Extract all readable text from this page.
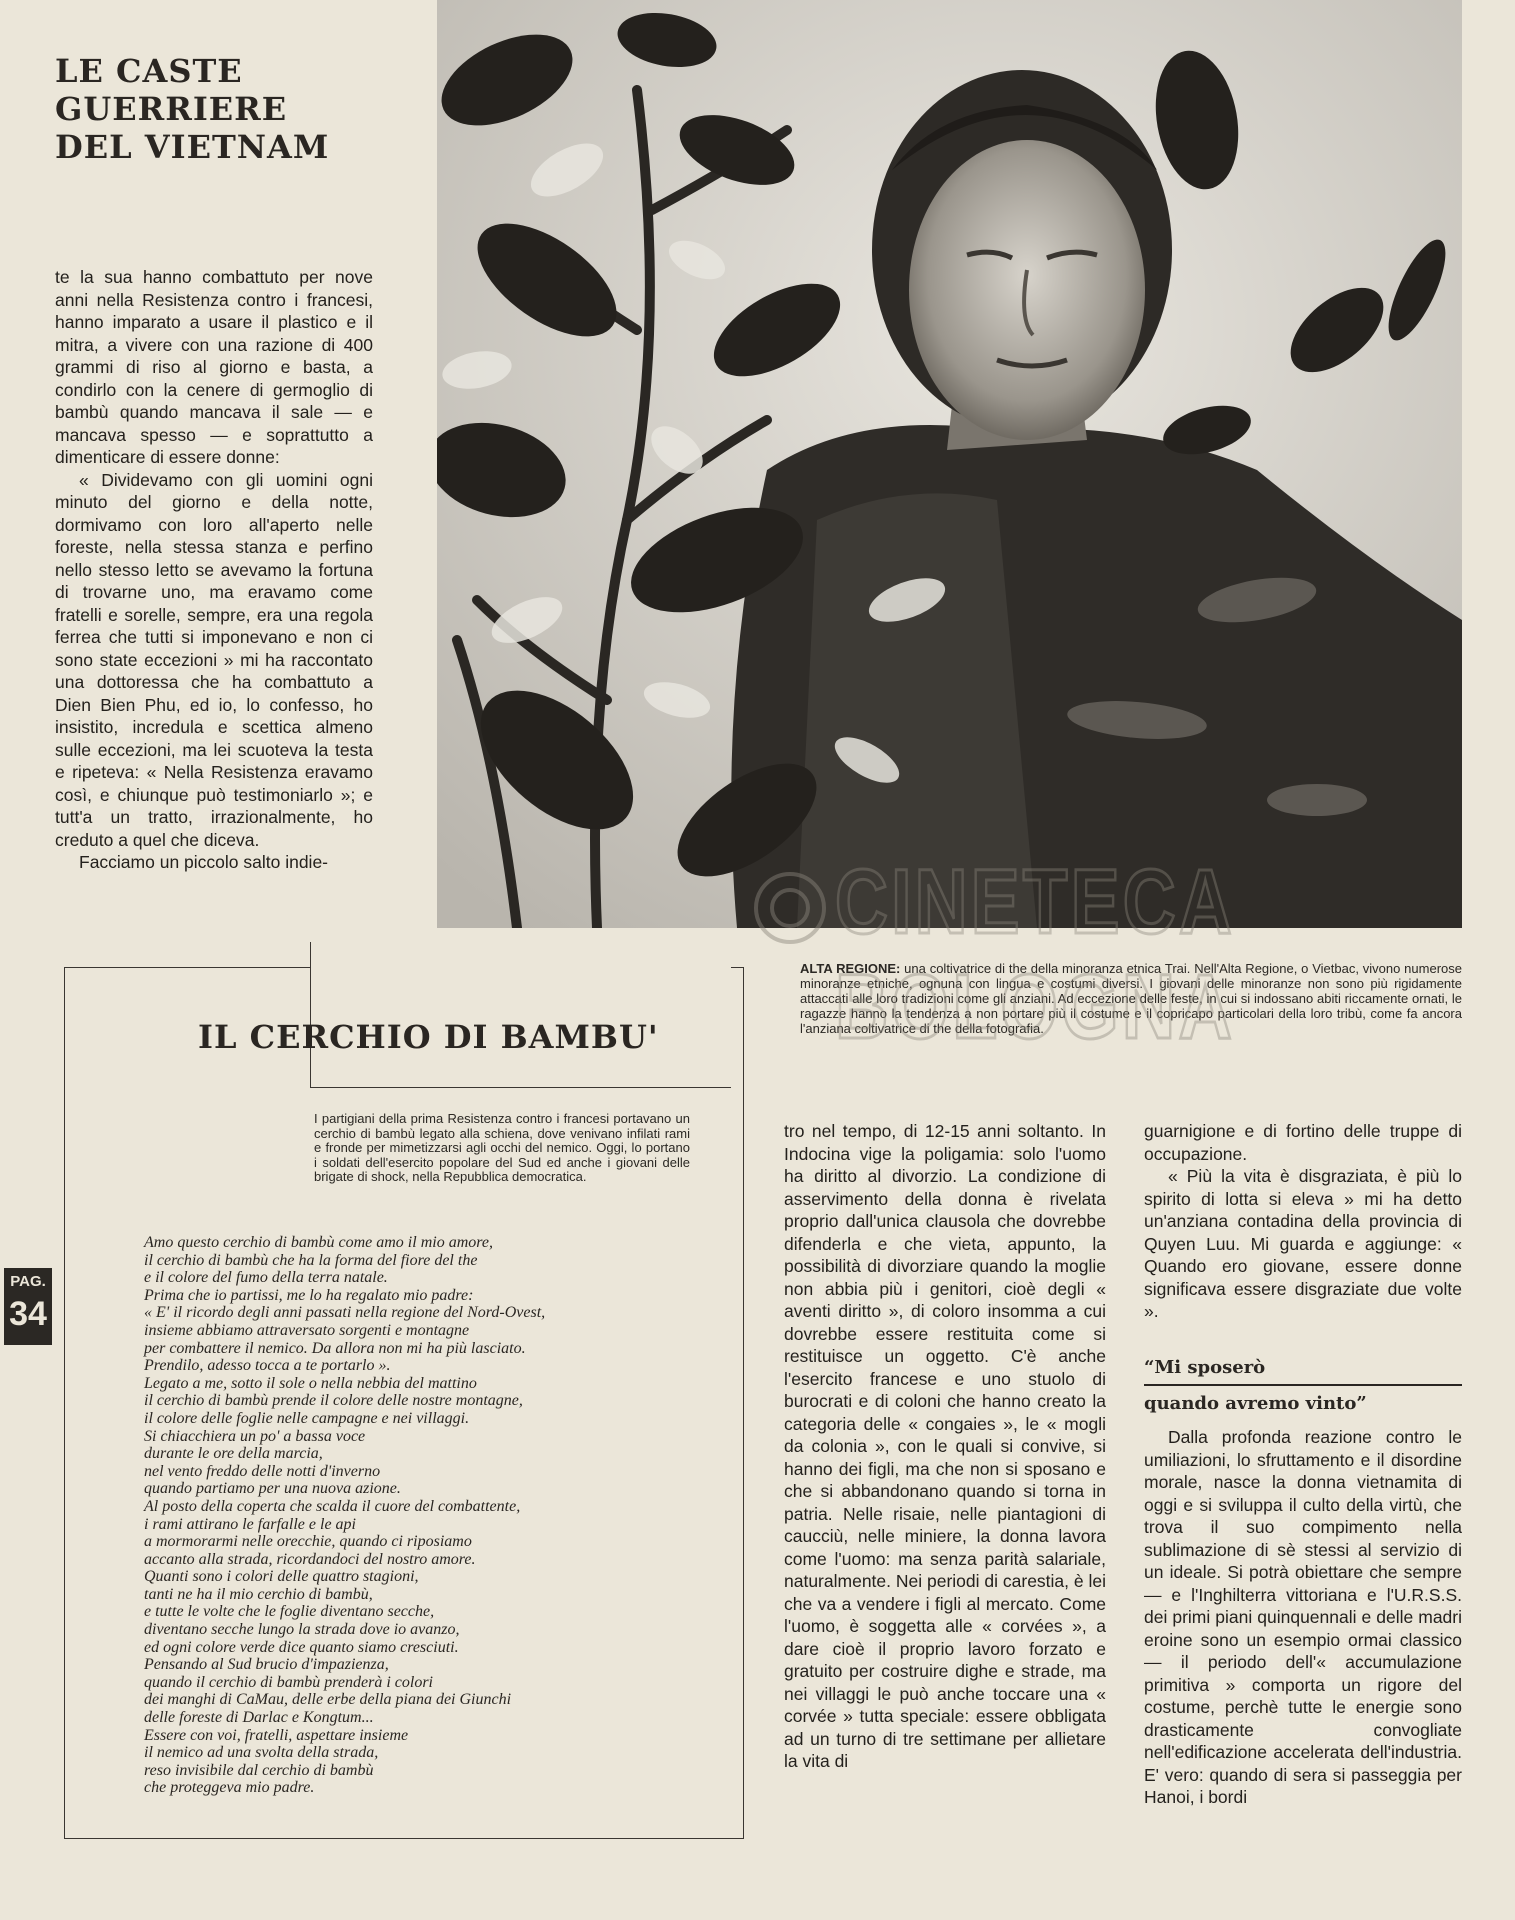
LE CASTE
GUERRIERE
DEL VIETNAM

te la sua hanno combattuto per nove anni nella Resistenza contro i francesi, hanno imparato a usare il plastico e il mitra, a vivere con una razione di 400 grammi di riso al giorno e basta, a condirlo con la cenere di germoglio di bambù quando mancava il sale — e mancava spesso — e soprattutto a dimenticare di essere donne:

« Dividevamo con gli uomini ogni minuto del giorno e della notte, dormivamo con loro all'aperto nelle foreste, nella stessa stanza e perfino nello stesso letto se avevamo la fortuna di trovarne uno, ma eravamo come fratelli e sorelle, sempre, era una regola ferrea che tutti si imponevano e non ci sono state eccezioni » mi ha raccontato una dottoressa che ha combattuto a Dien Bien Phu, ed io, lo confesso, ho insistito, incredula e scettica almeno sulle eccezioni, ma lei scuoteva la testa e ripeteva: « Nella Resistenza eravamo così, e chiunque può testimoniarlo »; e tutt'a un tratto, irrazionalmente, ho creduto a quel che diceva.

Facciamo un piccolo salto indie-

ALTA REGIONE: una coltivatrice di the della minoranza etnica Trai. Nell'Alta Regione, o Vietbac, vivono numerose minoranze etniche, ognuna con lingua e costumi diversi. I giovani delle minoranze non sono più rigidamente attaccati alle loro tradizioni come gli anziani. Ad eccezione delle feste, in cui si indossano abiti riccamente ornati, le ragazze hanno la tendenza a non portare più il costume e il copricapo particolari della loro tribù, come fa ancora l'anziana coltivatrice di the della fotografia.
IL CERCHIO DI BAMBU'
I partigiani della prima Resistenza contro i francesi portavano un cerchio di bambù legato alla schiena, dove venivano infilati rami e fronde per mimetizzarsi agli occhi del nemico. Oggi, lo portano i soldati dell'esercito popolare del Sud ed anche i giovani delle brigate di shock, nella Repubblica democratica.
Amo questo cerchio di bambù come amo il mio amore,
il cerchio di bambù che ha la forma del fiore del the
e il colore del fumo della terra natale.
Prima che io partissi, me lo ha regalato mio padre:
« E' il ricordo degli anni passati nella regione del Nord-Ovest,
insieme abbiamo attraversato sorgenti e montagne
per combattere il nemico. Da allora non mi ha più lasciato.
Prendilo, adesso tocca a te portarlo ».
Legato a me, sotto il sole o nella nebbia del mattino
il cerchio di bambù prende il colore delle nostre montagne,
il colore delle foglie nelle campagne e nei villaggi.
Si chiacchiera un po' a bassa voce
durante le ore della marcia,
nel vento freddo delle notti d'inverno
quando partiamo per una nuova azione.
Al posto della coperta che scalda il cuore del combattente,
i rami attirano le farfalle e le api
a mormorarmi nelle orecchie, quando ci riposiamo
accanto alla strada, ricordandoci del nostro amore.
Quanti sono i colori delle quattro stagioni,
tanti ne ha il mio cerchio di bambù,
e tutte le volte che le foglie diventano secche,
diventano secche lungo la strada dove io avanzo,
ed ogni colore verde dice quanto siamo cresciuti.
Pensando al Sud brucio d'impazienza,
quando il cerchio di bambù prenderà i colori
dei manghi di CaMau, delle erbe della piana dei Giunchi
delle foreste di Darlac e Kongtum...
Essere con voi, fratelli, aspettare insieme
il nemico ad una svolta della strada,
reso invisibile dal cerchio di bambù
che proteggeva mio padre.
PAG.
34

tro nel tempo, di 12-15 anni soltanto. In Indocina vige la poligamia: solo l'uomo ha diritto al divorzio. La condizione di asservimento della donna è rivelata proprio dall'unica clausola che dovrebbe difenderla e che vieta, appunto, la possibilità di divorziare quando la moglie non abbia più i genitori, cioè degli « aventi diritto », di coloro insomma a cui dovrebbe essere restituita come si restituisce un oggetto. C'è anche l'esercito francese e uno stuolo di burocrati e di coloni che hanno creato la categoria delle « congaies », le « mogli da colonia », con le quali si convive, si hanno dei figli, ma che non si sposano e che si abbandonano quando si torna in patria. Nelle risaie, nelle piantagioni di caucciù, nelle miniere, la donna lavora come l'uomo: ma senza parità salariale, naturalmente. Nei periodi di carestia, è lei che va a vendere i figli al mercato. Come l'uomo, è soggetta alle « corvées », a dare cioè il proprio lavoro forzato e gratuito per costruire dighe e strade, ma nei villaggi le può anche toccare una « corvée » tutta speciale: essere obbligata ad un turno di tre settimane per allietare la vita di

guarnigione e di fortino delle truppe di occupazione.

« Più la vita è disgraziata, è più lo spirito di lotta si eleva » mi ha detto un'anziana contadina della provincia di Quyen Luu. Mi guarda e aggiunge: « Quando ero giovane, essere donne significava essere disgraziate due volte ».

“Mi sposerò
quando avremo vinto”

Dalla profonda reazione contro le umiliazioni, lo sfruttamento e il disordine morale, nasce la donna vietnamita di oggi e si sviluppa il culto della virtù, che trova il suo compimento nella sublimazione di sè stessi al servizio di un ideale. Si potrà obiettare che sempre — e l'Inghilterra vittoriana e l'U.R.S.S. dei primi piani quinquennali e delle madri eroine sono un esempio ormai classico — il periodo dell'« accumulazione primitiva » comporta un rigore del costume, perchè tutte le energie sono drasticamente convogliate nell'edificazione accelerata dell'industria. E' vero: quando di sera si passeggia per Hanoi, i bordi

CINETECA
BOLOGNA
